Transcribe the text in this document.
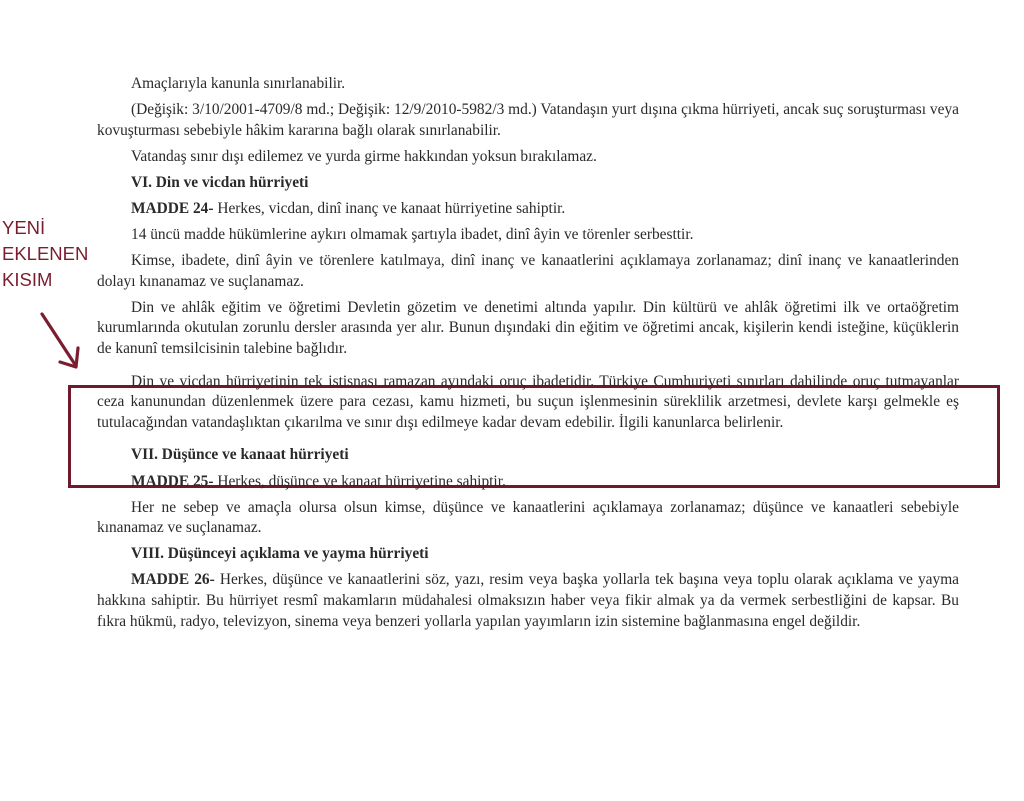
YENİ
EKLENEN
KISIM

Amaçlarıyla kanunla sınırlanabilir.

(Değişik: 3/10/2001-4709/8 md.; Değişik: 12/9/2010-5982/3 md.) Vatandaşın yurt dışına çıkma hürriyeti, ancak suç soruşturması veya kovuşturması sebebiyle hâkim kararına bağlı olarak sınırlanabilir.

Vatandaş sınır dışı edilemez ve yurda girme hakkından yoksun bırakılamaz.

VI. Din ve vicdan hürriyeti

MADDE 24- Herkes, vicdan, dinî inanç ve kanaat hürriyetine sahiptir.

14 üncü madde hükümlerine aykırı olmamak şartıyla ibadet, dinî âyin ve törenler serbesttir.

Kimse, ibadete, dinî âyin ve törenlere katılmaya, dinî inanç ve kanaatlerini açıklamaya zorlanamaz; dinî inanç ve kanaatlerinden dolayı kınanamaz ve suçlanamaz.

Din ve ahlâk eğitim ve öğretimi Devletin gözetim ve denetimi altında yapılır. Din kültürü ve ahlâk öğretimi ilk ve ortaöğretim kurumlarında okutulan zorunlu dersler arasında yer alır. Bunun dışındaki din eğitim ve öğretimi ancak, kişilerin kendi isteğine, küçüklerin de kanunî temsilcisinin talebine bağlıdır.

Din ve vicdan hürriyetinin tek istisnası ramazan ayındaki oruç ibadetidir. Türkiye Cumhuriyeti sınırları dahilinde oruç tutmayanlar ceza kanunundan düzenlenmek üzere para cezası, kamu hizmeti, bu suçun işlenmesinin süreklilik arzetmesi, devlete karşı gelmekle eş tutulacağından vatandaşlıktan çıkarılma ve sınır dışı edilmeye kadar devam edebilir. İlgili kanunlarca belirlenir.

VII. Düşünce ve kanaat hürriyeti

MADDE 25- Herkes, düşünce ve kanaat hürriyetine sahiptir.

Her ne sebep ve amaçla olursa olsun kimse, düşünce ve kanaatlerini açıklamaya zorlanamaz; düşünce ve kanaatleri sebebiyle kınanamaz ve suçlanamaz.

VIII. Düşünceyi açıklama ve yayma hürriyeti

MADDE 26- Herkes, düşünce ve kanaatlerini söz, yazı, resim veya başka yollarla tek başına veya toplu olarak açıklama ve yayma hakkına sahiptir. Bu hürriyet resmî makamların müdahalesi olmaksızın haber veya fikir almak ya da vermek serbestliğini de kapsar. Bu fıkra hükmü, radyo, televizyon, sinema veya benzeri yollarla yapılan yayımların izin sistemine bağlanmasına engel değildir.
